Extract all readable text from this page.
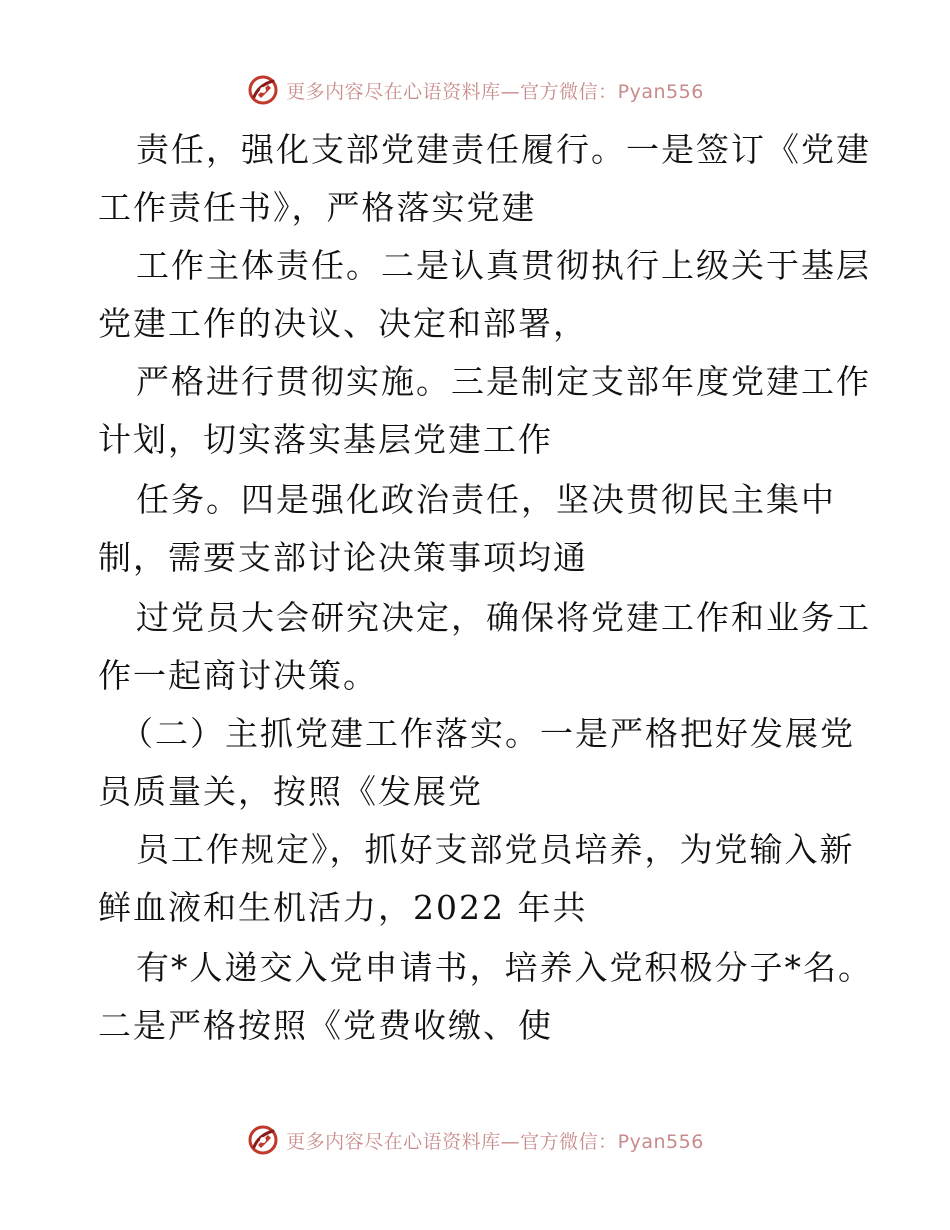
更多内容尽在心语资料库—官方微信：Pyan556
责任，强化支部党建责任履行。一是签订《党建
工作责任书》，严格落实党建
工作主体责任。二是认真贯彻执行上级关于基层
党建工作的决议、决定和部署，
严格进行贯彻实施。三是制定支部年度党建工作
计划，切实落实基层党建工作
任务。四是强化政治责任，坚决贯彻民主集中
制，需要支部讨论决策事项均通
过党员大会研究决定，确保将党建工作和业务工
作一起商讨决策。
（二）主抓党建工作落实。一是严格把好发展党
员质量关，按照《发展党
员工作规定》，抓好支部党员培养，为党输入新
鲜血液和生机活力，2022 年共
有*人递交入党申请书，培养入党积极分子*名。
二是严格按照《党费收缴、使
更多内容尽在心语资料库—官方微信：Pyan556
